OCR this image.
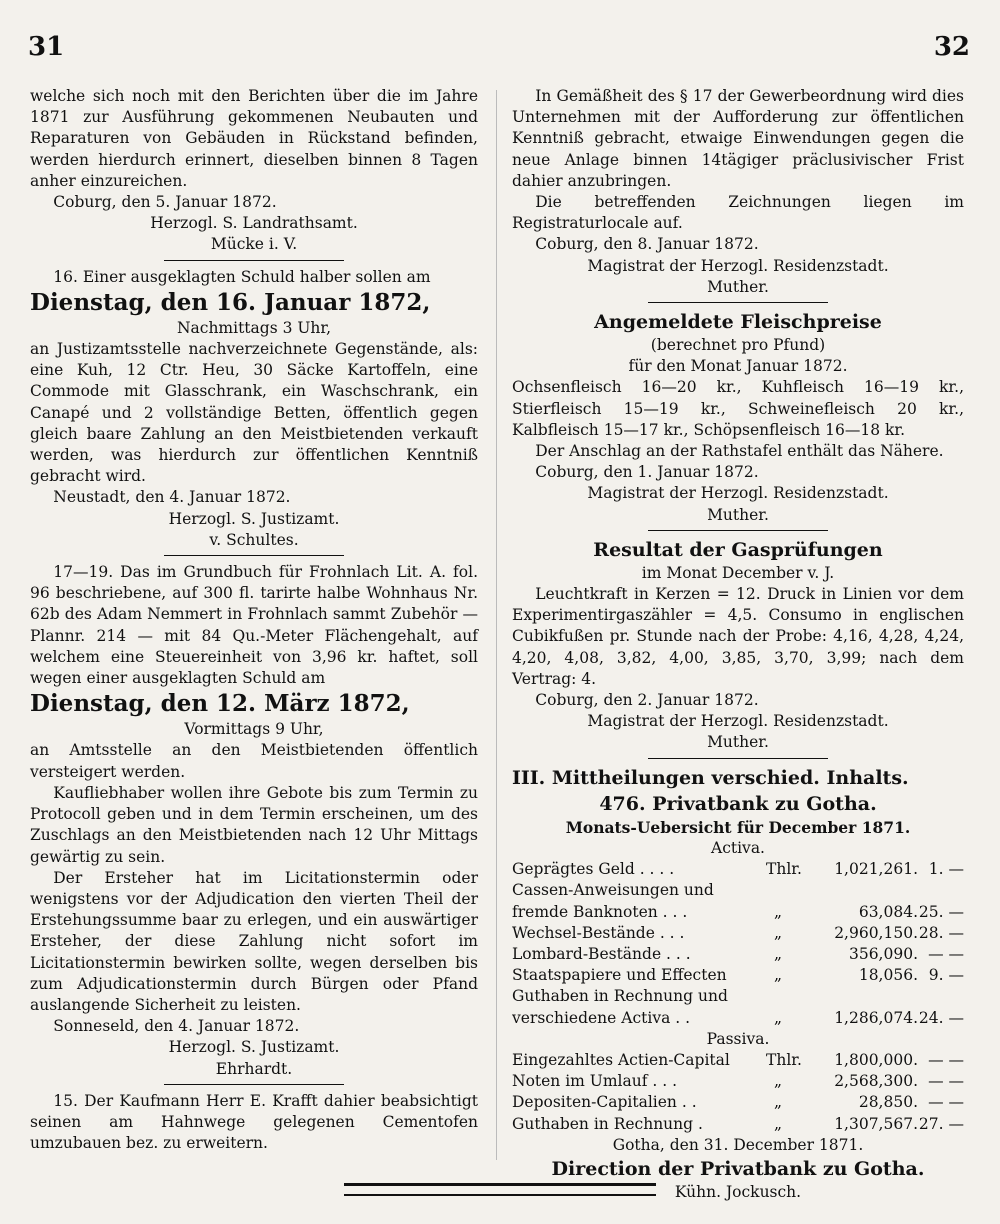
31	32

welche sich noch mit den Berichten über die im Jahre 1871 zur Ausführung gekommenen Neubauten und Reparaturen von Gebäuden in Rückstand befinden, werden hierdurch erinnert, dieselben binnen 8 Tagen anher einzureichen.

Coburg, den 5. Januar 1872.

Herzogl. S. Landrathsamt.

Mücke i. V.

16. Einer ausgeklagten Schuld halber sollen am

Dienstag, den 16. Januar 1872,

Nachmittags 3 Uhr,

an Justizamtsstelle nachverzeichnete Gegenstände, als: eine Kuh, 12 Ctr. Heu, 30 Säcke Kartoffeln, eine Commode mit Glasschrank, ein Waschschrank, ein Canapé und 2 vollständige Betten, öffentlich gegen gleich baare Zahlung an den Meistbietenden verkauft werden, was hierdurch zur öffentlichen Kenntniß gebracht wird.

Neustadt, den 4. Januar 1872.

Herzogl. S. Justizamt.

v. Schultes.

17—19. Das im Grundbuch für Frohnlach Lit. A. fol. 96 beschriebene, auf 300 fl. tarirte halbe Wohnhaus Nr. 62b des Adam Nemmert in Frohnlach sammt Zubehör — Plannr. 214 — mit 84 Qu.-Meter Flächengehalt, auf welchem eine Steuereinheit von 3,96 kr. haftet, soll wegen einer ausgeklagten Schuld am

Dienstag, den 12. März 1872,

Vormittags 9 Uhr,

an Amtsstelle an den Meistbietenden öffentlich versteigert werden.

Kaufliebhaber wollen ihre Gebote bis zum Termin zu Protocoll geben und in dem Termin erscheinen, um des Zuschlags an den Meistbietenden nach 12 Uhr Mittags gewärtig zu sein.

Der Ersteher hat im Licitationstermin oder wenigstens vor der Adjudication den vierten Theil der Erstehungssumme baar zu erlegen, und ein auswärtiger Ersteher, der diese Zahlung nicht sofort im Licitationstermin bewirken sollte, wegen derselben bis zum Adjudicationstermin durch Bürgen oder Pfand auslangende Sicherheit zu leisten.

Sonneseld, den 4. Januar 1872.

Herzogl. S. Justizamt.

Ehrhardt.

15. Der Kaufmann Herr E. Krafft dahier beabsichtigt seinen am Hahnwege gelegenen Cementofen umzubauen bez. zu erweitern.

In Gemäßheit des § 17 der Gewerbeordnung wird dies Unternehmen mit der Aufforderung zur öffentlichen Kenntniß gebracht, etwaige Einwendungen gegen die neue Anlage binnen 14tägiger präclusivischer Frist dahier anzubringen.

Die betreffenden Zeichnungen liegen im Registraturlocale auf.

Coburg, den 8. Januar 1872.

Magistrat der Herzogl. Residenzstadt.

Muther.

Angemeldete Fleischpreise

(berechnet pro Pfund)

für den Monat Januar 1872.

Ochsenfleisch 16—20 kr., Kuhfleisch 16—19 kr., Stierfleisch 15—19 kr., Schweinefleisch 20 kr., Kalbfleisch 15—17 kr., Schöpsenfleisch 16—18 kr.

Der Anschlag an der Rathstafel enthält das Nähere.

Coburg, den 1. Januar 1872.

Magistrat der Herzogl. Residenzstadt.

Muther.

Resultat der Gasprüfungen

im Monat December v. J.

Leuchtkraft in Kerzen = 12. Druck in Linien vor dem Experimentirgaszähler = 4,5. Consumo in englischen Cubikfußen pr. Stunde nach der Probe: 4,16, 4,28, 4,24, 4,20, 4,08, 3,82, 4,00, 3,85, 3,70, 3,99; nach dem Vertrag: 4.

Coburg, den 2. Januar 1872.

Magistrat der Herzogl. Residenzstadt.

Muther.

III. Mittheilungen verschied. Inhalts.

476. Privatbank zu Gotha.

Monats-Uebersicht für December 1871.

Activa.

Geprägtes Geld . . . .	Thlr.	1,021,261. 1. —
Cassen-Anweisungen und
fremde Banknoten . . .	„	63,084. 25. —
Wechsel-Bestände . . .	„	2,960,150. 28. —
Lombard-Bestände . . .	„	356,090. — —
Staatspapiere und Effecten	„	18,056. 9. —
Guthaben in Rechnung und
verschiedene Activa . .	„	1,286,074. 24. —

Passiva.

Eingezahltes Actien-Capital	Thlr.	1,800,000. — —
Noten im Umlauf . . .	„	2,568,300. — —
Depositen-Capitalien . .	„	28,850. — —
Guthaben in Rechnung .	„	1,307,567. 27. —

Gotha, den 31. December 1871.

Direction der Privatbank zu Gotha.

Kühn. Jockusch.
